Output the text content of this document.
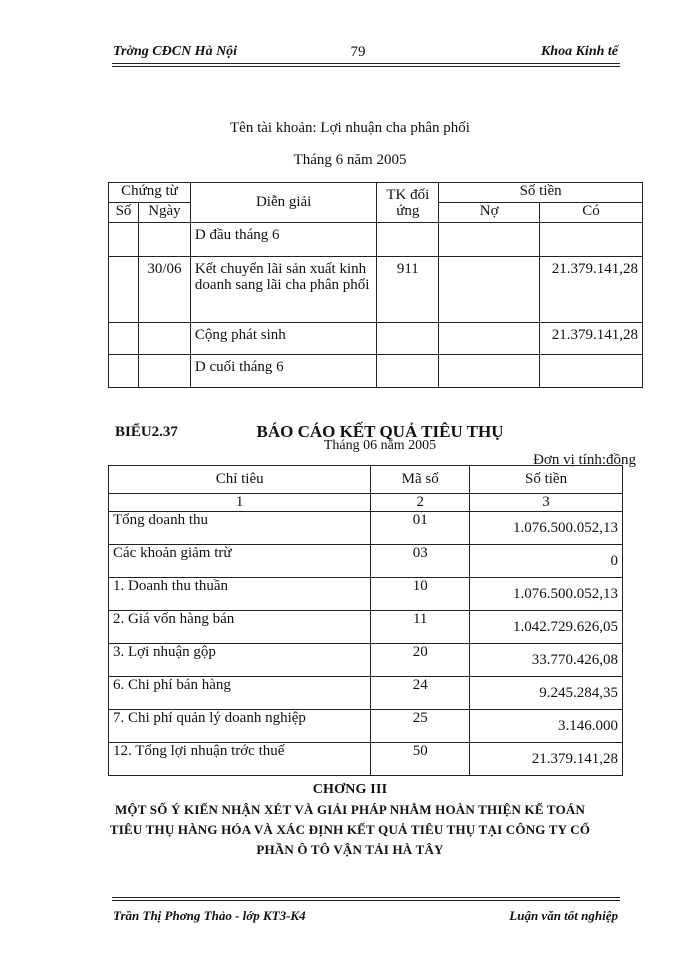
Trờng CĐCN Hà Nội	79	Khoa Kinh tế
Tên tài khoản: Lợi nhuận cha phân phối
Tháng 6 năm 2005
Chứng từ		Diễn giải	TK đối ứng	Số tiền	
Số	Ngày			Nợ	Có
		D đầu tháng 6			
	30/06	Kết chuyển lãi sản xuất kinh doanh sang lãi cha phân phối	911		21.379.141,28
		Cộng phát sinh			21.379.141,28
		D cuối tháng 6			
BIỂU2.37	BÁO CÁO KẾT QUẢ TIÊU THỤ
Tháng 06 năm 2005
Đơn vị tính:đồng
Chỉ tiêu	Mã số	Số tiền
1	2	3
Tổng doanh thu	01	1.076.500.052,13
Các khoản giảm trừ	03	0
1. Doanh thu thuần	10	1.076.500.052,13
2. Giá vốn hàng bán	11	1.042.729.626,05
3. Lợi nhuận gộp	20	33.770.426,08
6. Chi phí bán hàng	24	9.245.284,35
7. Chi phí quản lý doanh nghiệp	25	3.146.000
12. Tổng lợi nhuận trớc thuế	50	21.379.141,28
CHƠNG III
MỘT SỐ Ý KIẾN NHẬN XÉT VÀ GIẢI PHÁP NHẰM HOÀN THIỆN KẾ TOÁN
TIÊU THỤ HÀNG HÓA VÀ XÁC ĐỊNH KẾT QUẢ TIÊU THỤ TẠI CÔNG TY CỔ
PHẦN Ô TÔ VẬN TẢI HÀ TÂY
Trần Thị Phơng Thảo - lớp KT3-K4	Luận văn tốt nghiệp
